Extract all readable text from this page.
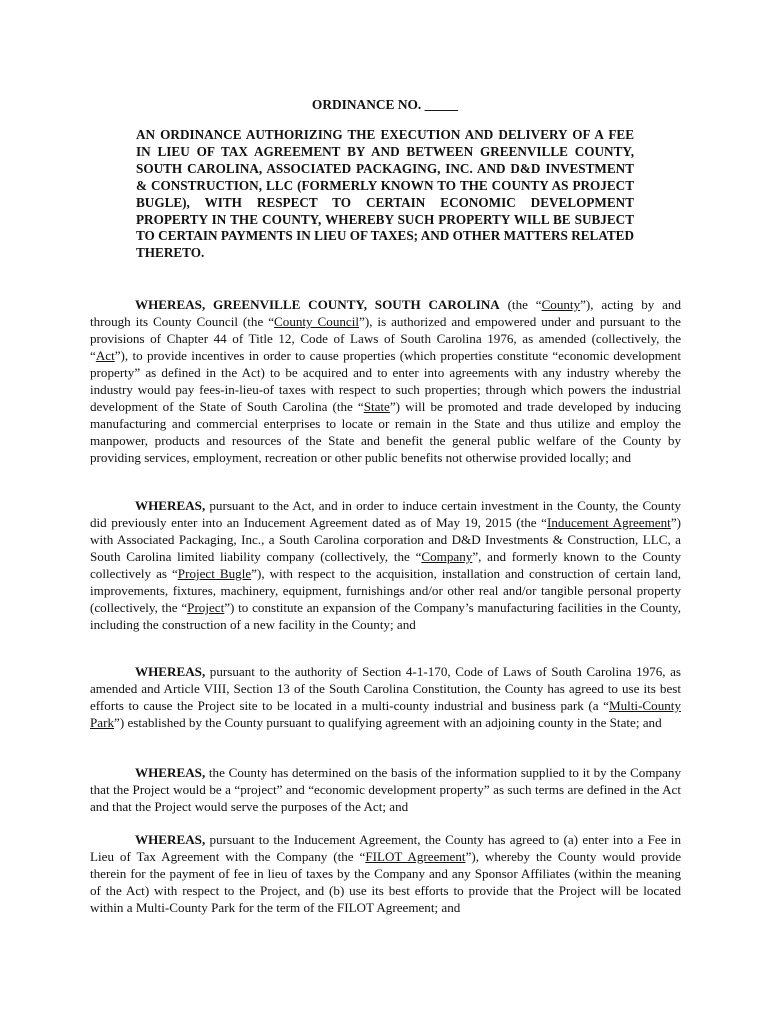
ORDINANCE NO. _____
AN ORDINANCE AUTHORIZING THE EXECUTION AND DELIVERY OF A FEE IN LIEU OF TAX AGREEMENT BY AND BETWEEN GREENVILLE COUNTY, SOUTH CAROLINA, ASSOCIATED PACKAGING, INC. AND D&D INVESTMENT & CONSTRUCTION, LLC (FORMERLY KNOWN TO THE COUNTY AS PROJECT BUGLE), WITH RESPECT TO CERTAIN ECONOMIC DEVELOPMENT PROPERTY IN THE COUNTY, WHEREBY SUCH PROPERTY WILL BE SUBJECT TO CERTAIN PAYMENTS IN LIEU OF TAXES; AND OTHER MATTERS RELATED THERETO.

WHEREAS, GREENVILLE COUNTY, SOUTH CAROLINA (the “County”), acting by and through its County Council (the “County Council”), is authorized and empowered under and pursuant to the provisions of Chapter 44 of Title 12, Code of Laws of South Carolina 1976, as amended (collectively, the “Act”), to provide incentives in order to cause properties (which properties constitute “economic development property” as defined in the Act) to be acquired and to enter into agreements with any industry whereby the industry would pay fees-in-lieu-of taxes with respect to such properties; through which powers the industrial development of the State of South Carolina (the “State”) will be promoted and trade developed by inducing manufacturing and commercial enterprises to locate or remain in the State and thus utilize and employ the manpower, products and resources of the State and benefit the general public welfare of the County by providing services, employment, recreation or other public benefits not otherwise provided locally; and

WHEREAS, pursuant to the Act, and in order to induce certain investment in the County, the County did previously enter into an Inducement Agreement dated as of May 19, 2015 (the “Inducement Agreement”) with Associated Packaging, Inc., a South Carolina corporation and D&D Investments & Construction, LLC, a South Carolina limited liability company (collectively, the “Company”, and formerly known to the County collectively as “Project Bugle”), with respect to the acquisition, installation and construction of certain land, improvements, fixtures, machinery, equipment, furnishings and/or other real and/or tangible personal property (collectively, the “Project”) to constitute an expansion of the Company’s manufacturing facilities in the County, including the construction of a new facility in the County; and

WHEREAS, pursuant to the authority of Section 4-1-170, Code of Laws of South Carolina 1976, as amended and Article VIII, Section 13 of the South Carolina Constitution, the County has agreed to use its best efforts to cause the Project site to be located in a multi-county industrial and business park (a “Multi-County Park”) established by the County pursuant to qualifying agreement with an adjoining county in the State; and

WHEREAS, the County has determined on the basis of the information supplied to it by the Company that the Project would be a “project” and “economic development property” as such terms are defined in the Act and that the Project would serve the purposes of the Act; and

WHEREAS, pursuant to the Inducement Agreement, the County has agreed to (a) enter into a Fee in Lieu of Tax Agreement with the Company (the “FILOT Agreement”), whereby the County would provide therein for the payment of fee in lieu of taxes by the Company and any Sponsor Affiliates (within the meaning of the Act) with respect to the Project, and (b) use its best efforts to provide that the Project will be located within a Multi-County Park for the term of the FILOT Agreement; and
